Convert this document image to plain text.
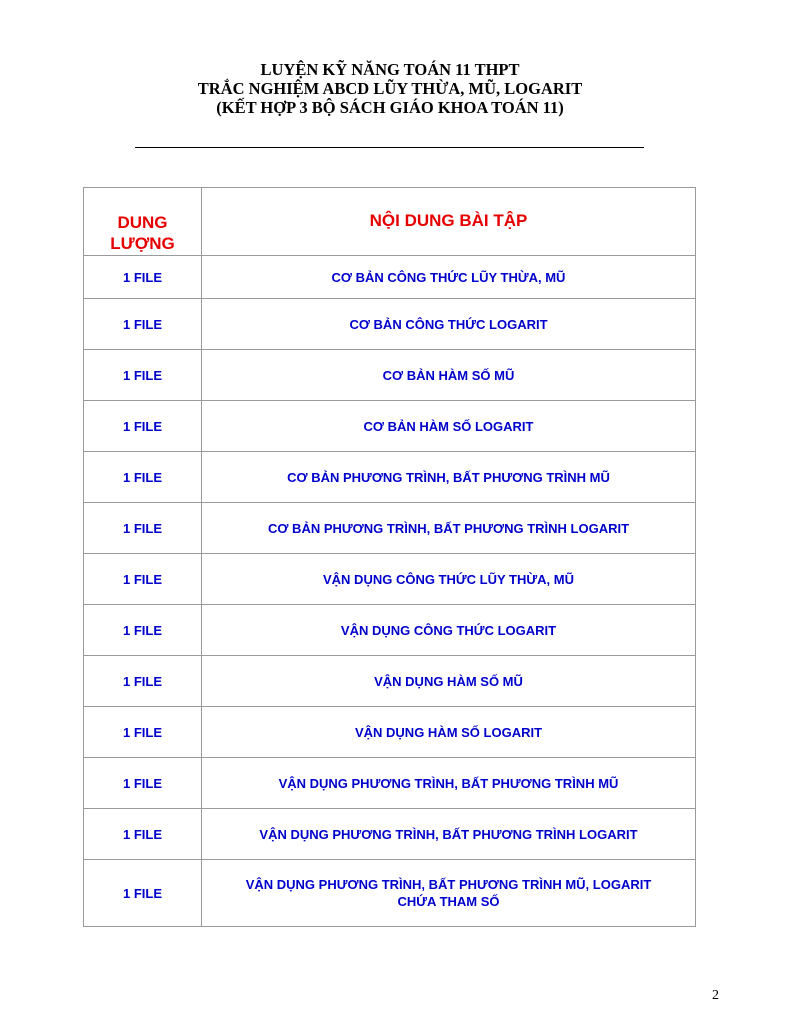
LUYỆN KỸ NĂNG TOÁN 11 THPT
TRẮC NGHIỆM ABCD LŨY THỪA, MŨ, LOGARIT
(KẾT HỢP 3 BỘ SÁCH GIÁO KHOA TOÁN 11)
DUNG
LƯỢNG	NỘI DUNG BÀI TẬP
1 FILE	CƠ BẢN CÔNG THỨC LŨY THỪA, MŨ
1 FILE	CƠ BẢN CÔNG THỨC LOGARIT
1 FILE	CƠ BẢN HÀM SỐ MŨ
1 FILE	CƠ BẢN HÀM SỐ LOGARIT
1 FILE	CƠ BẢN PHƯƠNG TRÌNH, BẤT PHƯƠNG TRÌNH MŨ
1 FILE	CƠ BẢN PHƯƠNG TRÌNH, BẤT PHƯƠNG TRÌNH LOGARIT
1 FILE	VẬN DỤNG CÔNG THỨC LŨY THỪA, MŨ
1 FILE	VẬN DỤNG CÔNG THỨC LOGARIT
1 FILE	VẬN DỤNG HÀM SỐ MŨ
1 FILE	VẬN DỤNG HÀM SỐ LOGARIT
1 FILE	VẬN DỤNG PHƯƠNG TRÌNH, BẤT PHƯƠNG TRÌNH MŨ
1 FILE	VẬN DỤNG PHƯƠNG TRÌNH, BẤT PHƯƠNG TRÌNH LOGARIT
1 FILE	VẬN DỤNG PHƯƠNG TRÌNH, BẤT PHƯƠNG TRÌNH MŨ, LOGARIT
CHỨA THAM SỐ
2
